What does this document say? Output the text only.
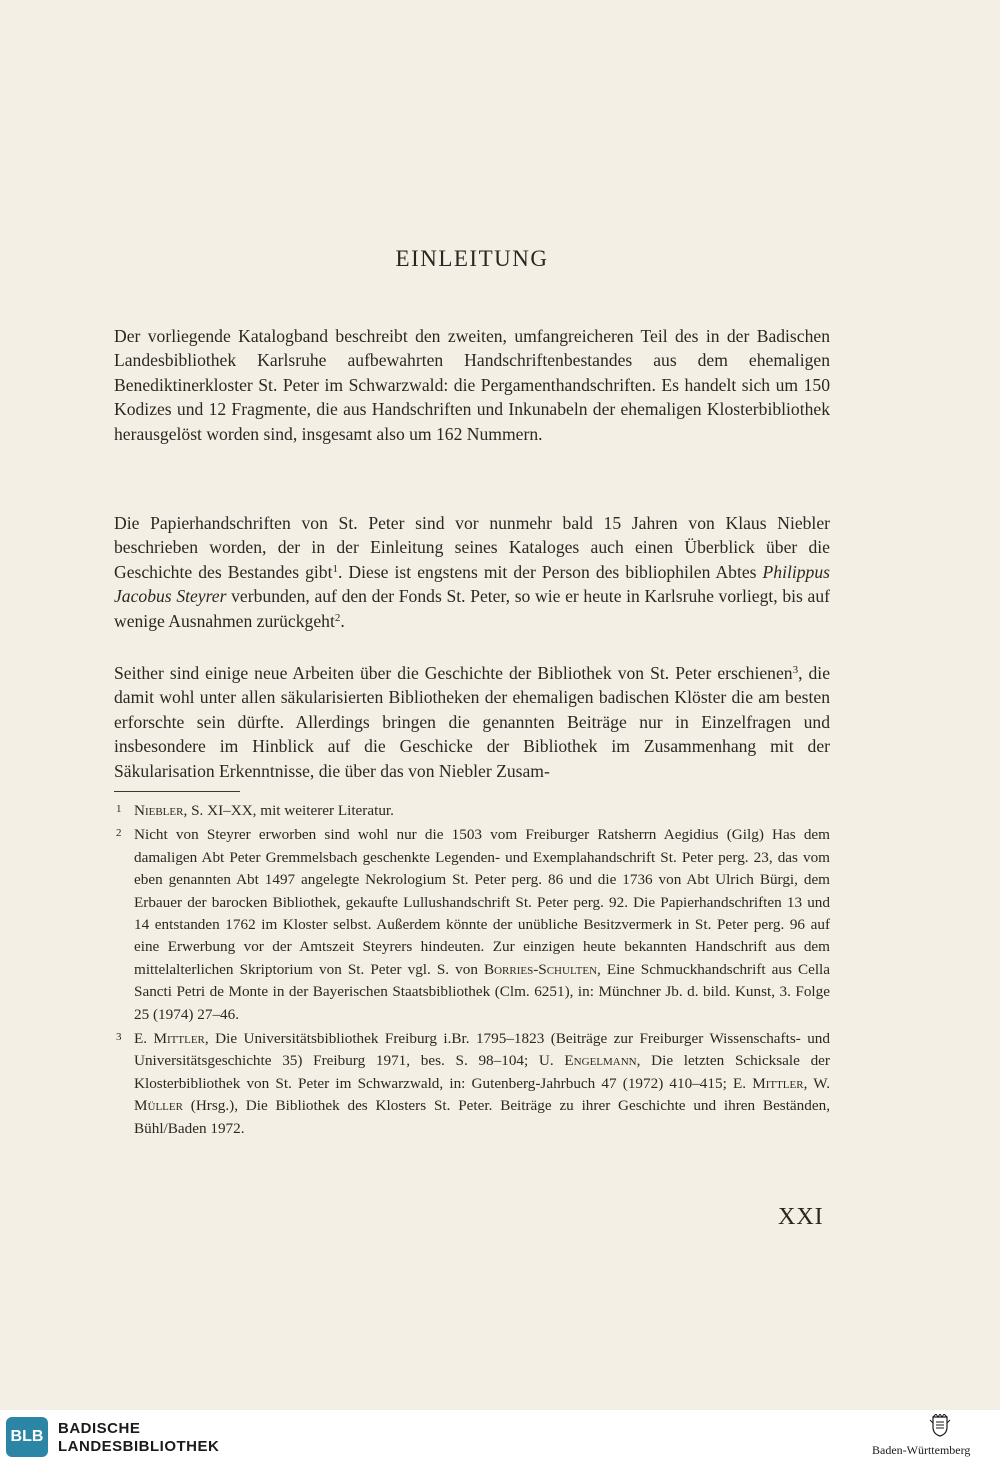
EINLEITUNG

Der vorliegende Katalogband beschreibt den zweiten, umfangreicheren Teil des in der Badischen Landesbibliothek Karlsruhe aufbewahrten Handschriftenbestandes aus dem ehemaligen Benediktinerkloster St. Peter im Schwarzwald: die Pergamenthandschriften. Es handelt sich um 150 Kodizes und 12 Fragmente, die aus Handschriften und Inkunabeln der ehemaligen Klosterbibliothek herausgelöst worden sind, insgesamt also um 162 Nummern.

Die Papierhandschriften von St. Peter sind vor nunmehr bald 15 Jahren von Klaus Niebler beschrieben worden, der in der Einleitung seines Kataloges auch einen Überblick über die Geschichte des Bestandes gibt$^1$. Diese ist engstens mit der Person des bibliophilen Abtes Philippus Jacobus Steyrer verbunden, auf den der Fonds St. Peter, so wie er heute in Karlsruhe vorliegt, bis auf wenige Ausnahmen zurückgeht$^2$.

Seither sind einige neue Arbeiten über die Geschichte der Bibliothek von St. Peter erschienen$^3$, die damit wohl unter allen säkularisierten Bibliotheken der ehemaligen badischen Klöster die am besten erforschte sein dürfte. Allerdings bringen die genannten Beiträge nur in Einzelfragen und insbesondere im Hinblick auf die Geschicke der Bibliothek im Zusammenhang mit der Säkularisation Erkenntnisse, die über das von Niebler Zusam-

1 Niebler, S. XI–XX, mit weiterer Literatur.
2 Nicht von Steyrer erworben sind wohl nur die 1503 vom Freiburger Ratsherrn Aegidius (Gilg) Has dem damaligen Abt Peter Gremmelsbach geschenkte Legenden- und Exemplahandschrift St. Peter perg. 23, das vom eben genannten Abt 1497 angelegte Nekrologium St. Peter perg. 86 und die 1736 von Abt Ulrich Bürgi, dem Erbauer der barocken Bibliothek, gekaufte Lullushandschrift St. Peter perg. 92. Die Papierhandschriften 13 und 14 entstanden 1762 im Kloster selbst. Außerdem könnte der unübliche Besitzvermerk in St. Peter perg. 96 auf eine Erwerbung vor der Amtszeit Steyrers hindeuten. Zur einzigen heute bekannten Handschrift aus dem mittelalterlichen Skriptorium von St. Peter vgl. S. von Borries-Schulten, Eine Schmuckhandschrift aus Cella Sancti Petri de Monte in der Bayerischen Staatsbibliothek (Clm. 6251), in: Münchner Jb. d. bild. Kunst, 3. Folge 25 (1974) 27–46.
3 E. Mittler, Die Universitätsbibliothek Freiburg i.Br. 1795–1823 (Beiträge zur Freiburger Wissenschafts- und Universitätsgeschichte 35) Freiburg 1971, bes. S. 98–104; U. Engelmann, Die letzten Schicksale der Klosterbibliothek von St. Peter im Schwarzwald, in: Gutenberg-Jahrbuch 47 (1972) 410–415; E. Mittler, W. Müller (Hrsg.), Die Bibliothek des Klosters St. Peter. Beiträge zu ihrer Geschichte und ihren Beständen, Bühl/Baden 1972.
XXI
BLB BADISCHE
LANDESBIBLIOTHEK	Baden-Württemberg
